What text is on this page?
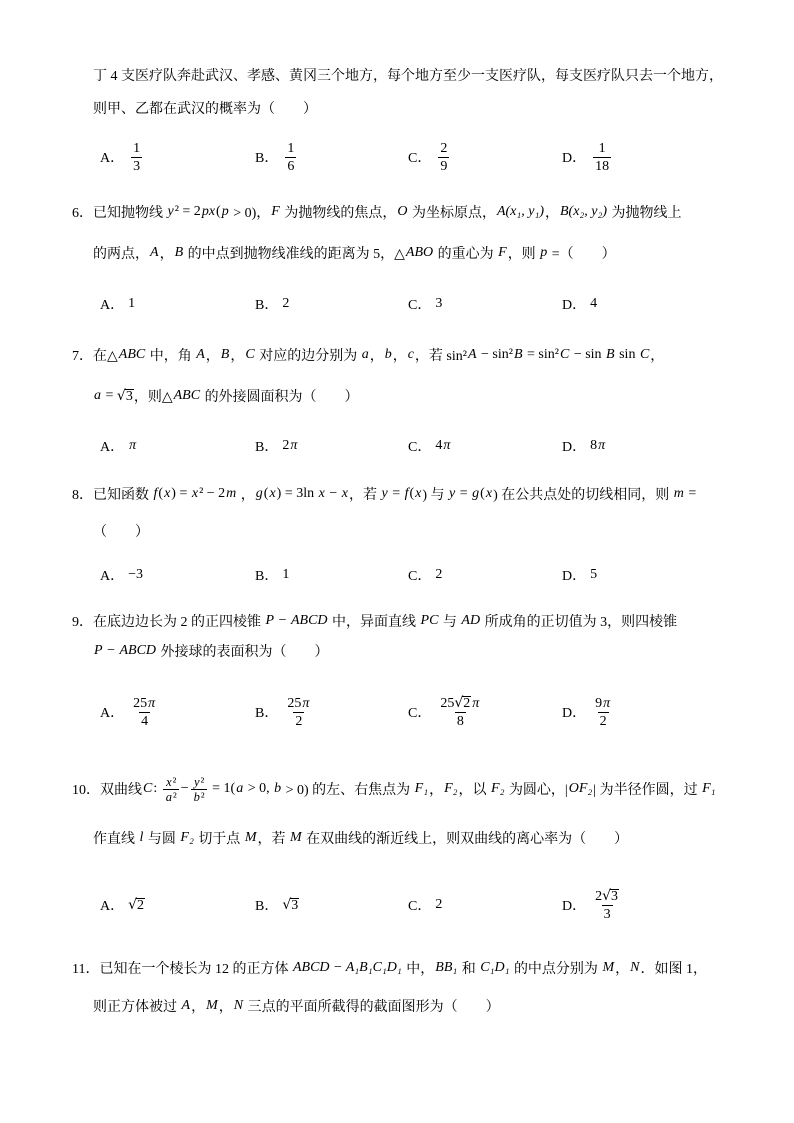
丁 4 支医疗队奔赴武汉、孝感、黄冈三个地方，每个地方至少一支医疗队，每支医疗队只去一个地方，
则甲、乙都在武汉的概率为（　　）
A． $\frac{1}{3}$	B． $\frac{1}{6}$	C． $\frac{2}{9}$	D． $\frac{1}{18}$
6． 已知抛物线 y ² = 2 px ( p > 0)， F 为抛物线的焦点， O 为坐标原点， A(x₁, y₁) ， B(x₂, y₂) 为抛物线上
的两点， A ， B 的中点到抛物线准线的距离为 5，△ ABO 的重心为 F ，则 p =（　　）
A． 1	B． 2	C． 3	D． 4
7． 在△ ABC 中，角 A ， B ， C 对应的边分别为 a ， b ， c ，若 sin² A − sin² B = sin² C − sin B sin C ，
a =
√ 3 ，则△ ABC 的外接圆面积为（　　）
A． π	B． 2 π	C． 4 π	D． 8 π
8． 已知函数 f ( x ) = x ² − 2 m ， g ( x ) = 3ln x − x ，若 y = f ( x ) 与 y = g ( x ) 在公共点处的切线相同，则 m =
（　　）
A． −3	B． 1	C． 2	D． 5
9． 在底边边长为 2 的正四棱锥 P − ABCD 中，异面直线 PC 与 AD 所成角的正切值为 3，则四棱锥
P − ABCD 外接球的表面积为（　　）
A． $\frac{25 \pi}{4}$	B． $\frac{25 \pi}{2}$	C． 25
√ 2 π
8	D． $\frac{9 \pi}{2}$
10． 双曲线 C : $\frac{\text{x ²}}{\text{a ²}} - \frac{\text{y ²}}{\text{b ²}} = 1$( a > 0, b > 0) 的左、右焦点为 F₁ ， F₂ ，以 F₂ 为圆心，| OF₂ | 为半径作圆，过 F₁
作直线 l 与圆 F₂ 切于点 M ，若 M 在双曲线的渐近线上，则双曲线的离心率为（　　）
A．
√ 2	B．
√ 3	C． 2	D． 2
√ 3
3
11． 已知在一个棱长为 12 的正方体 ABCD − A₁B₁C₁D₁ 中， BB₁ 和 C₁D₁ 的中点分别为 M ， N ．如图 1，
则正方体被过 A ， M ， N 三点的平面所截得的截面图形为（　　）
